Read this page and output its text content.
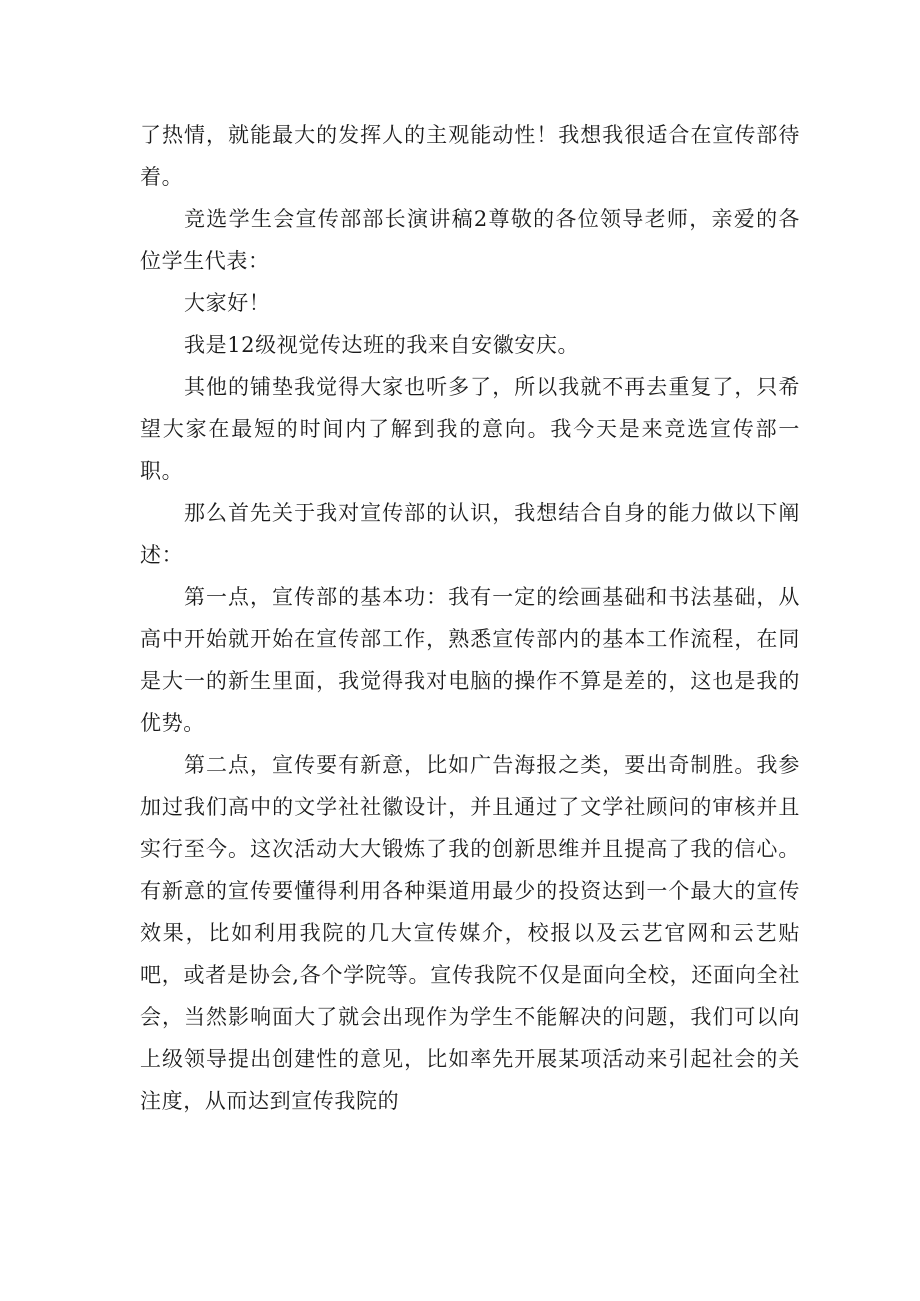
了热情，就能最大的发挥人的主观能动性！我想我很适合在宣传部待着。

竞选学生会宣传部部长演讲稿2尊敬的各位领导老师，亲爱的各位学生代表：

大家好！

我是12级视觉传达班的我来自安徽安庆。

其他的铺垫我觉得大家也听多了，所以我就不再去重复了，只希望大家在最短的时间内了解到我的意向。我今天是来竞选宣传部一职。

那么首先关于我对宣传部的认识，我想结合自身的能力做以下阐述：

第一点，宣传部的基本功：我有一定的绘画基础和书法基础，从高中开始就开始在宣传部工作，熟悉宣传部内的基本工作流程，在同是大一的新生里面，我觉得我对电脑的操作不算是差的，这也是我的优势。

第二点，宣传要有新意，比如广告海报之类，要出奇制胜。我参加过我们高中的文学社社徽设计，并且通过了文学社顾问的审核并且实行至今。这次活动大大锻炼了我的创新思维并且提高了我的信心。有新意的宣传要懂得利用各种渠道用最少的投资达到一个最大的宣传效果，比如利用我院的几大宣传媒介，校报以及云艺官网和云艺贴吧，或者是协会,各个学院等。宣传我院不仅是面向全校，还面向全社会，当然影响面大了就会出现作为学生不能解决的问题，我们可以向上级领导提出创建性的意见，比如率先开展某项活动来引起社会的关注度，从而达到宣传我院的
